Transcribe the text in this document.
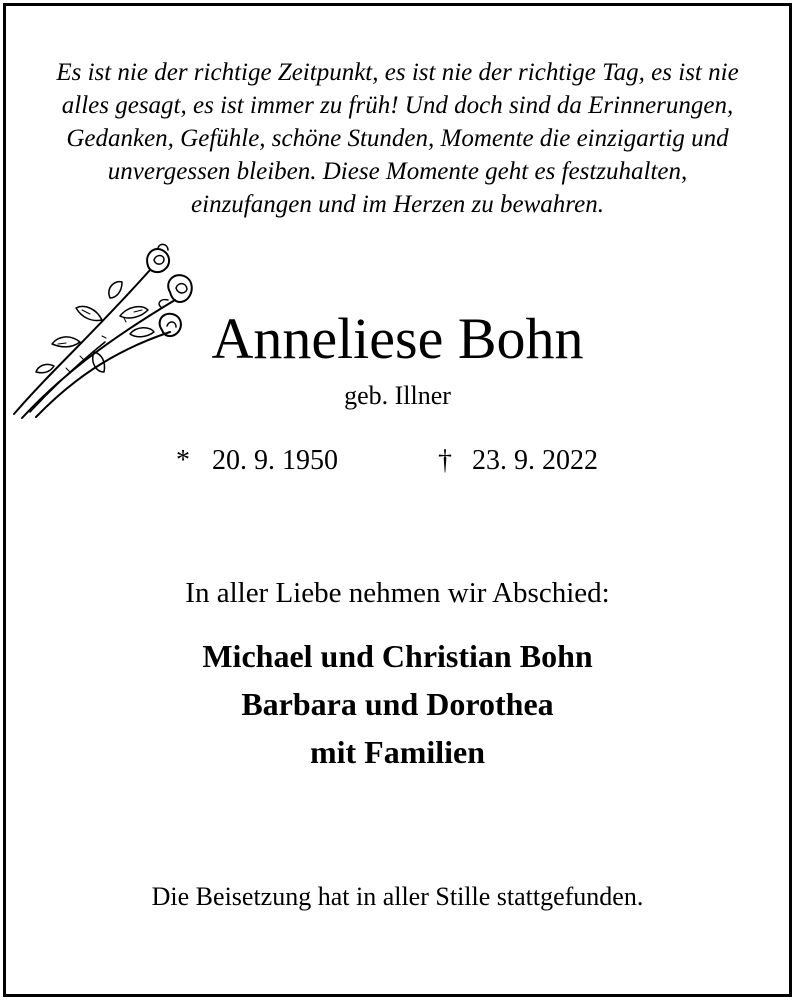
Es ist nie der richtige Zeitpunkt, es ist nie der richtige Tag, es ist nie
alles gesagt, es ist immer zu früh! Und doch sind da Erinnerungen,
Gedanken, Gefühle, schöne Stunden, Momente die einzigartig und
unvergessen bleiben. Diese Momente geht es festzuhalten,
einzufangen und im Herzen zu bewahren.
Anneliese Bohn
geb. Illner
* 20. 9. 1950	† 23. 9. 2022
In aller Liebe nehmen wir Abschied:
Michael und Christian Bohn
Barbara und Dorothea
mit Familien
Die Beisetzung hat in aller Stille stattgefunden.
